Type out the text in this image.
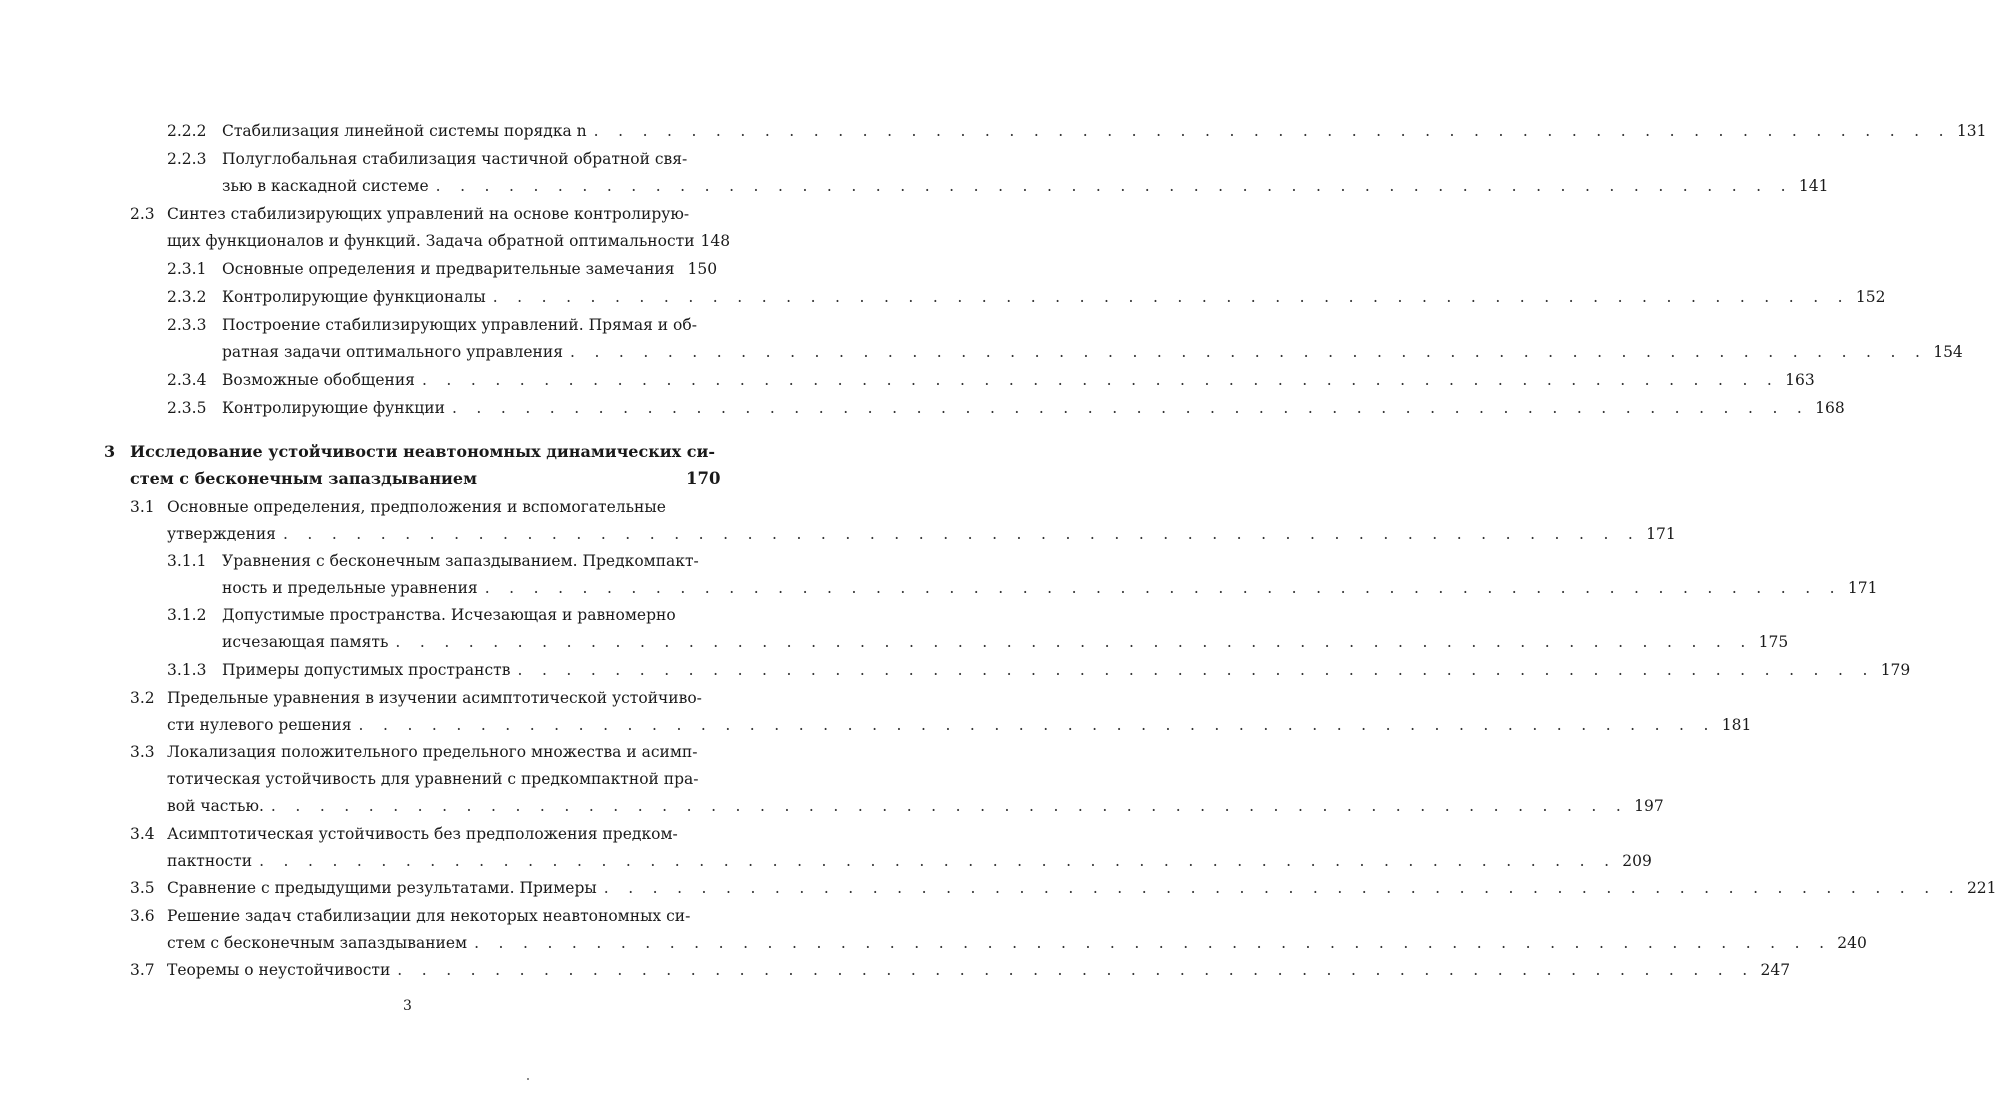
2.2.2 Стабилизация линейной системы порядка n . . . . . . . . . . . . . . . . . . . . . . . . . . . . . . . . . . . . . . . . . . . . . . . . . . . . . . . . 131
2.2.3 Полуглобальная стабилизация частичной обратной свя-
зью в каскадной системе . . . . . . . . . . . . . . . . . . . . . . . . . . . . . . . . . . . . . . . . . . . . . . . . . . . . . . . . 141
2.3 Синтез стабилизирующих управлений на основе контролирую-
щих функционалов и функций. Задача обратной оптимальности 148
2.3.1 Основные определения и предварительные замечания 150
2.3.2 Контролирующие функционалы . . . . . . . . . . . . . . . . . . . . . . . . . . . . . . . . . . . . . . . . . . . . . . . . . . . . . . . . 152
2.3.3 Построение стабилизирующих управлений. Прямая и об-
ратная задачи оптимального управления . . . . . . . . . . . . . . . . . . . . . . . . . . . . . . . . . . . . . . . . . . . . . . . . . . . . . . . . 154
2.3.4 Возможные обобщения . . . . . . . . . . . . . . . . . . . . . . . . . . . . . . . . . . . . . . . . . . . . . . . . . . . . . . . . 163
2.3.5 Контролирующие функции . . . . . . . . . . . . . . . . . . . . . . . . . . . . . . . . . . . . . . . . . . . . . . . . . . . . . . . . 168
3 Исследование устойчивости неавтономных динамических си-
стем с бесконечным запаздыванием	170
3.1 Основные определения, предположения и вспомогательные
утверждения . . . . . . . . . . . . . . . . . . . . . . . . . . . . . . . . . . . . . . . . . . . . . . . . . . . . . . . . 171
3.1.1 Уравнения с бесконечным запаздыванием. Предкомпакт-
ность и предельные уравнения . . . . . . . . . . . . . . . . . . . . . . . . . . . . . . . . . . . . . . . . . . . . . . . . . . . . . . . . 171
3.1.2 Допустимые пространства. Исчезающая и равномерно
исчезающая память . . . . . . . . . . . . . . . . . . . . . . . . . . . . . . . . . . . . . . . . . . . . . . . . . . . . . . . . 175
3.1.3 Примеры допустимых пространств . . . . . . . . . . . . . . . . . . . . . . . . . . . . . . . . . . . . . . . . . . . . . . . . . . . . . . . . 179
3.2 Предельные уравнения в изучении асимптотической устойчиво-
сти нулевого решения . . . . . . . . . . . . . . . . . . . . . . . . . . . . . . . . . . . . . . . . . . . . . . . . . . . . . . . . 181
3.3 Локализация положительного предельного множества и асимп-
тотическая устойчивость для уравнений с предкомпактной пра-
вой частью. . . . . . . . . . . . . . . . . . . . . . . . . . . . . . . . . . . . . . . . . . . . . . . . . . . . . . . . . 197
3.4 Асимптотическая устойчивость без предположения предком-
пактности . . . . . . . . . . . . . . . . . . . . . . . . . . . . . . . . . . . . . . . . . . . . . . . . . . . . . . . . 209
3.5 Сравнение с предыдущими результатами. Примеры . . . . . . . . . . . . . . . . . . . . . . . . . . . . . . . . . . . . . . . . . . . . . . . . . . . . . . . . 221
3.6 Решение задач стабилизации для некоторых неавтономных си-
стем с бесконечным запаздыванием . . . . . . . . . . . . . . . . . . . . . . . . . . . . . . . . . . . . . . . . . . . . . . . . . . . . . . . . 240
3.7 Теоремы о неустойчивости . . . . . . . . . . . . . . . . . . . . . . . . . . . . . . . . . . . . . . . . . . . . . . . . . . . . . . . . 247
3
